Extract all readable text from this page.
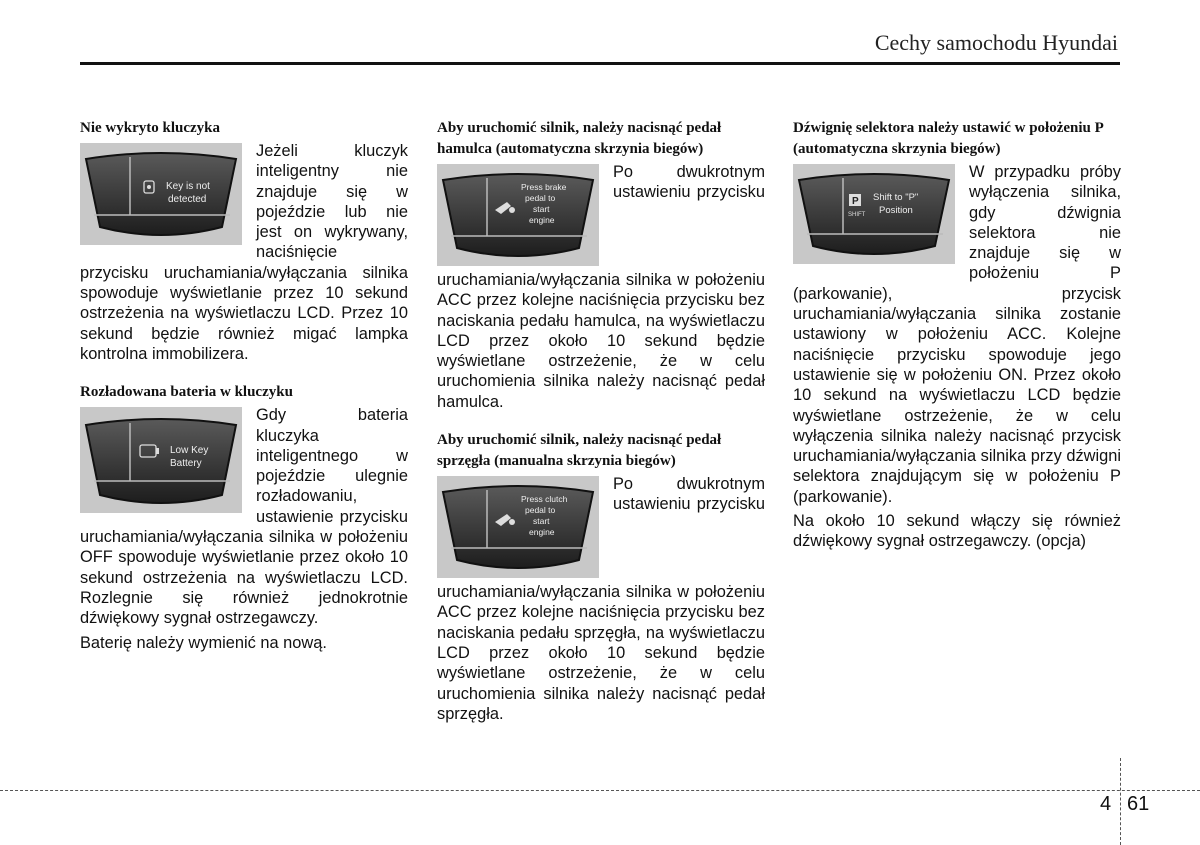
Cechy samochodu Hyundai
Nie wykryto kluczyka
Key is not
detected

Jeżeli kluczyk inteligentny nie znajduje się w pojeździe lub nie jest on wykrywany, naciśnięcie przycisku uruchamiania/wyłączania silnika spowoduje wyświetlanie przez 10 sekund ostrzeżenia na wyświetlaczu LCD. Przez 10 sekund będzie również migać lampka kontrolna immobilizera.

Rozładowana bateria w kluczyku
Low Key
Battery

Gdy bateria kluczyka inteligentnego w pojeździe ulegnie rozładowaniu, ustawienie przycisku uruchamiania/wyłączania silnika w położeniu OFF spowoduje wyświetlanie przez około 10 sekund ostrzeżenia na wyświetlaczu LCD. Rozlegnie się również jednokrotnie dźwiękowy sygnał ostrzegawczy.

Baterię należy wymienić na nową.

Aby uruchomić silnik, należy nacisnąć pedał hamulca (automatyczna skrzynia biegów)
Press brake
pedal to
start
engine

Po dwukrotnym ustawieniu przycisku uruchamiania/wyłączania silnika w położeniu ACC przez kolejne naciśnięcia przycisku bez naciskania pedału hamulca, na wyświetlaczu LCD przez około 10 sekund będzie wyświetlane ostrzeżenie, że w celu uruchomienia silnika należy nacisnąć pedał hamulca.

Aby uruchomić silnik, należy nacisnąć pedał sprzęgła (manualna skrzynia biegów)
Press clutch
pedal to
start
engine

Po dwukrotnym ustawieniu przycisku uruchamiania/wyłączania silnika w położeniu ACC przez kolejne naciśnięcia przycisku bez naciskania pedału sprzęgła, na wyświetlaczu LCD przez około 10 sekund będzie wyświetlane ostrzeżenie, że w celu uruchomienia silnika należy nacisnąć pedał sprzęgła.

Dźwignię selektora należy ustawić w położeniu P (automatyczna skrzynia biegów)
P
SHIFT
Shift to "P"
Position

W przypadku próby wyłączenia silnika, gdy dźwignia selektora nie znajduje się w położeniu P (parkowanie), przycisk uruchamiania/wyłączania silnika zostanie ustawiony w położeniu ACC. Kolejne naciśnięcie przycisku spowoduje jego ustawienie się w położeniu ON. Przez około 10 sekund na wyświetlaczu LCD będzie wyświetlane ostrzeżenie, że w celu wyłączenia silnika należy nacisnąć przycisk uruchamiania/wyłączania silnika przy dźwigni selektora znajdującym się w położeniu P (parkowanie).

Na około 10 sekund włączy się również dźwiękowy sygnał ostrzegawczy. (opcja)

4 61
